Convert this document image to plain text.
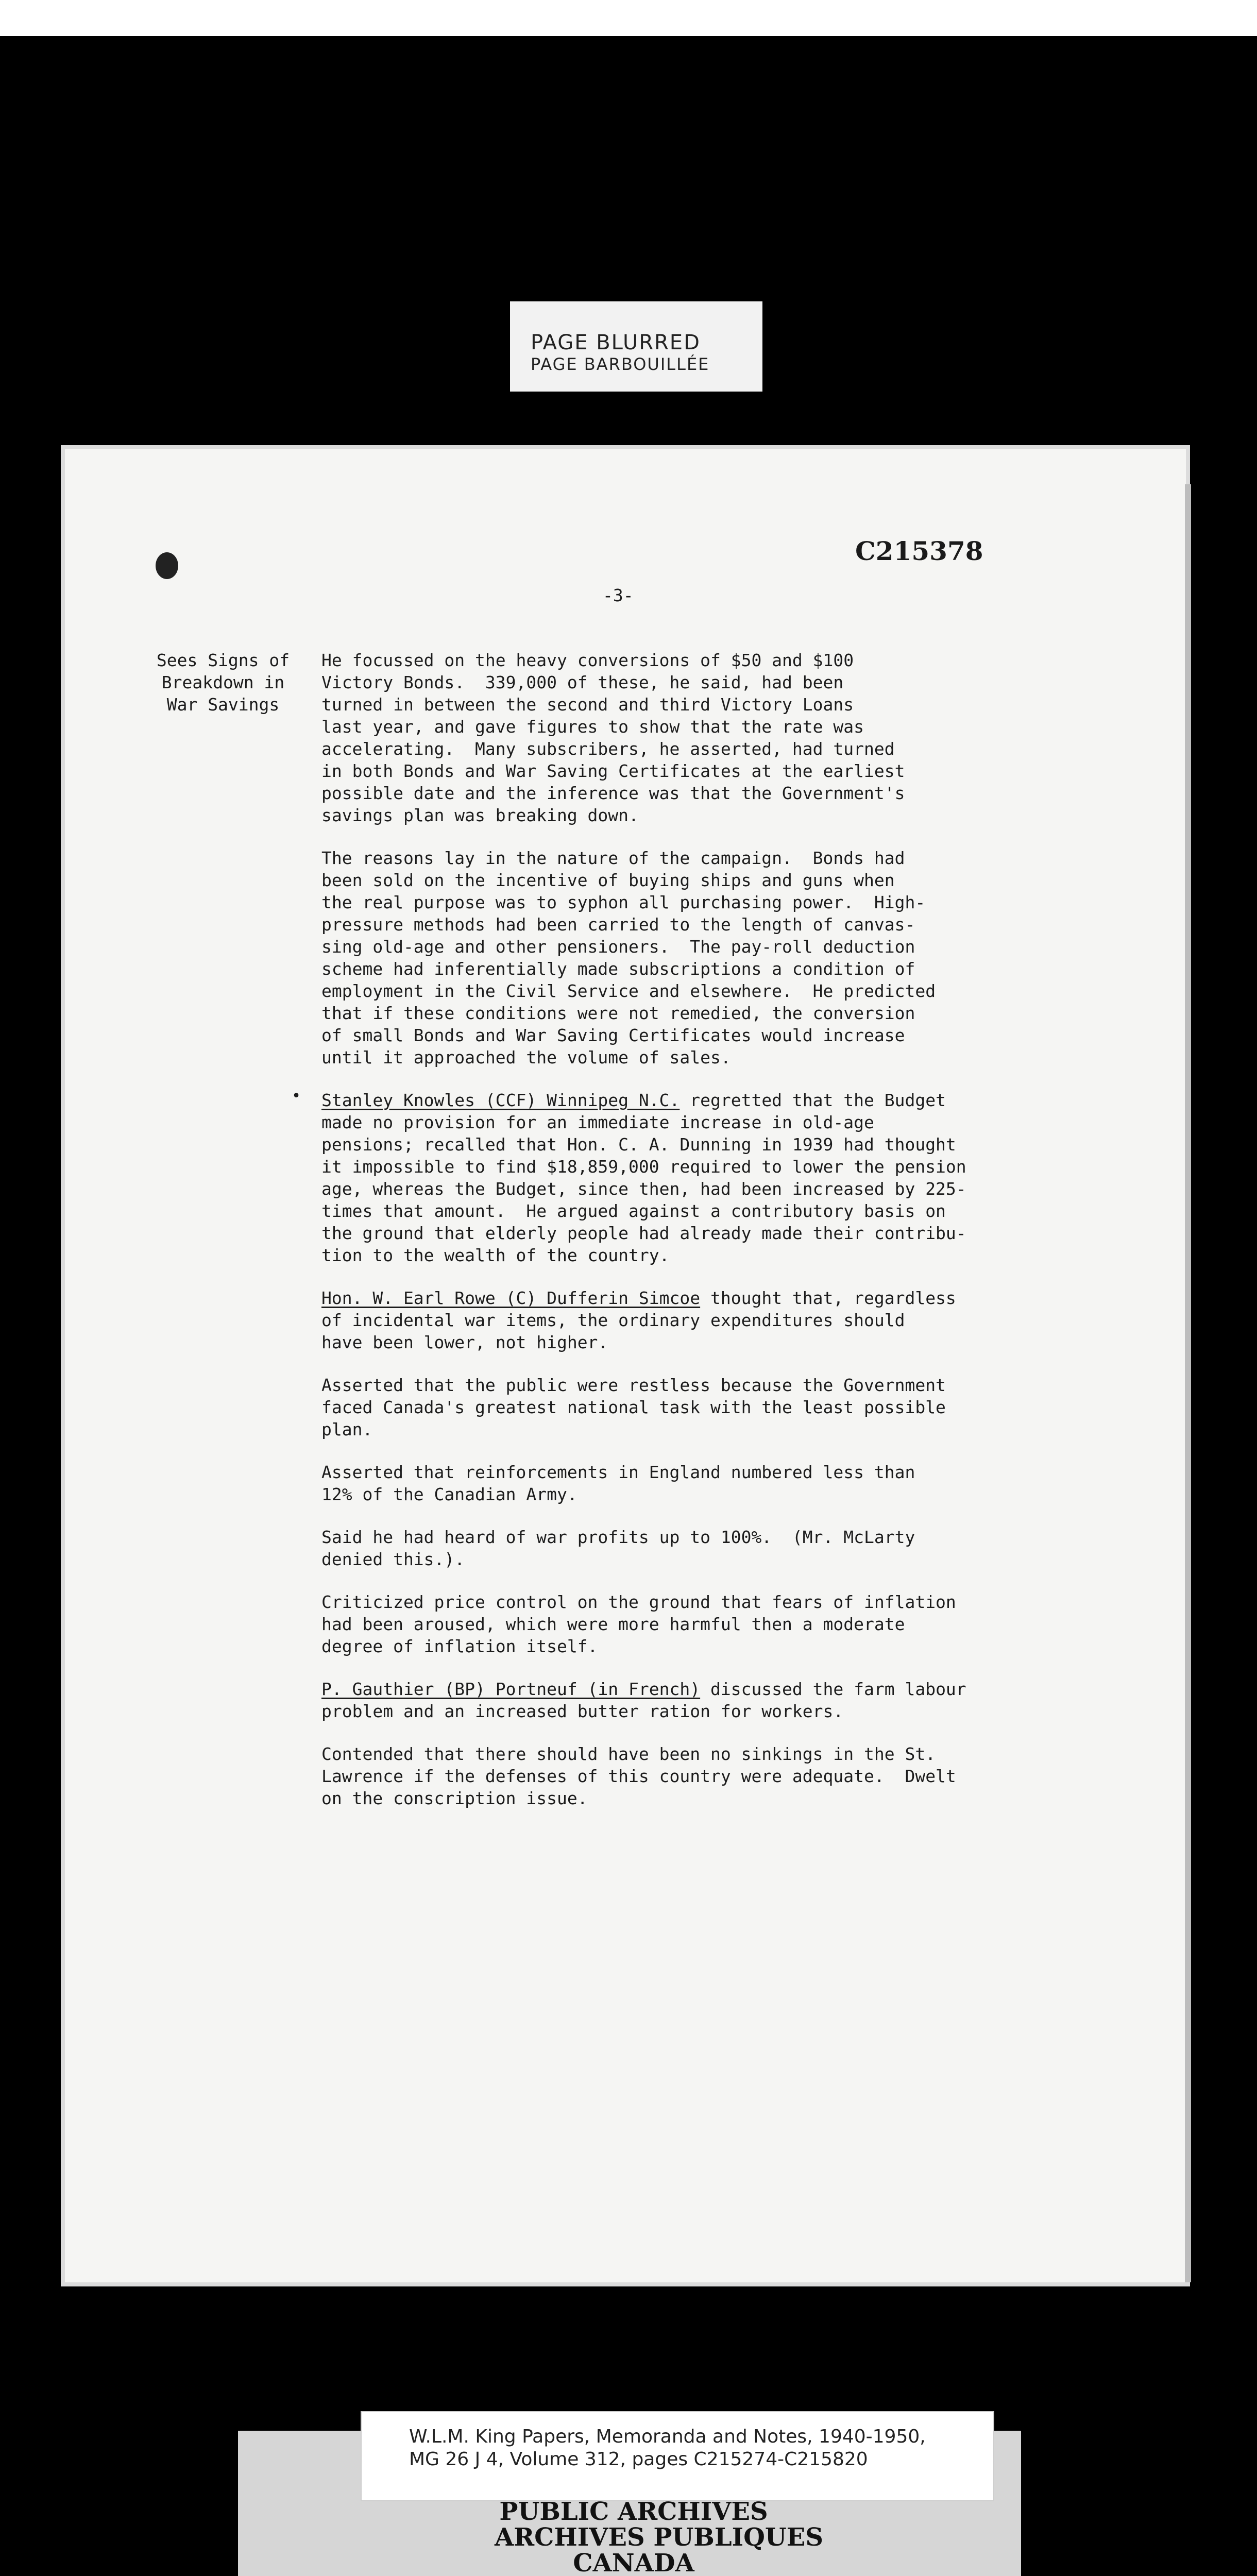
PAGE BLURRED
PAGE BARBOUILLÉE
C215378
-3-
Sees Signs of
Breakdown in
War Savings
•
He focussed on the heavy conversions of $50 and $100
Victory Bonds.  339,000 of these, he said, had been
turned in between the second and third Victory Loans
last year, and gave figures to show that the rate was
accelerating.  Many subscribers, he asserted, had turned
in both Bonds and War Saving Certificates at the earliest
possible date and the inference was that the Government's
savings plan was breaking down.
The reasons lay in the nature of the campaign.  Bonds had
been sold on the incentive of buying ships and guns when
the real purpose was to syphon all purchasing power.  High-
pressure methods had been carried to the length of canvas-
sing old-age and other pensioners.  The pay-roll deduction
scheme had inferentially made subscriptions a condition of
employment in the Civil Service and elsewhere.  He predicted
that if these conditions were not remedied, the conversion
of small Bonds and War Saving Certificates would increase
until it approached the volume of sales.
Stanley Knowles (CCF) Winnipeg N.C. regretted that the Budget
made no provision for an immediate increase in old-age
pensions; recalled that Hon. C. A. Dunning in 1939 had thought
it impossible to find $18,859,000 required to lower the pension
age, whereas the Budget, since then, had been increased by 225-
times that amount.  He argued against a contributory basis on
the ground that elderly people had already made their contribu-
tion to the wealth of the country.
Hon. W. Earl Rowe (C) Dufferin Simcoe thought that, regardless
of incidental war items, the ordinary expenditures should
have been lower, not higher.
Asserted that the public were restless because the Government
faced Canada's greatest national task with the least possible
plan.
Asserted that reinforcements in England numbered less than
12% of the Canadian Army.
Said he had heard of war profits up to 100%.  (Mr. McLarty
denied this.).
Criticized price control on the ground that fears of inflation
had been aroused, which were more harmful then a moderate
degree of inflation itself.
P. Gauthier (BP) Portneuf (in French) discussed the farm labour
problem and an increased butter ration for workers.
Contended that there should have been no sinkings in the St.
Lawrence if the defenses of this country were adequate.  Dwelt
on the conscription issue.
W.L.M. King Papers, Memoranda and Notes, 1940-1950,
MG 26 J 4, Volume 312, pages C215274-C215820
PUBLIC ARCHIVES
ARCHIVES PUBLIQUES
CANADA
